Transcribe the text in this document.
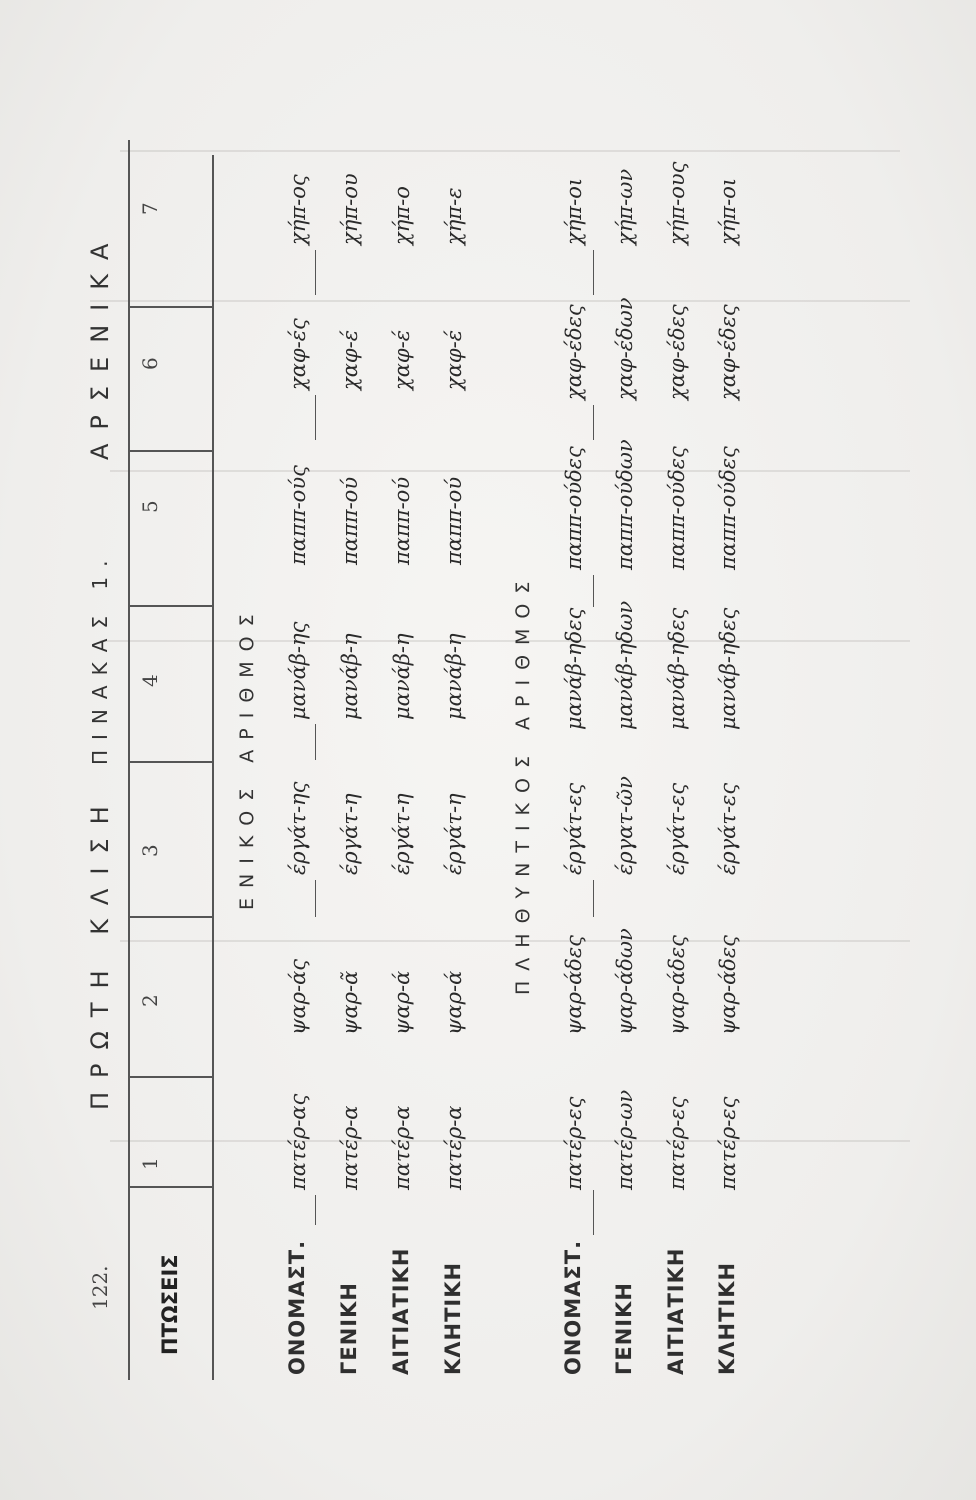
122.
ΠΡΩΤΗ ΚΛΙΣΗ
ΠΙΝΑΚΑΣ 1.
ΑΡΣΕΝΙΚΑ
ΠΤΩΣΕΙΣ
1
2
3
4
5
6
7
ΕΝΙΚΟΣ ΑΡΙΘΜΟΣ
ΟΝΟΜΑΣΤ.
πατέρ-ας
ψαρ-άς
έργάτ-ης
μανάβ-ης
παππ-ούς
χαφ-ές
χήπ-ος
ΓΕΝΙΚΗ
πατέρ-α
ψαρ-ᾶ
έργάτ-η
μανάβ-η
παππ-ού
χαφ-έ
χήπ-ου
ΑΙΤΙΑΤΙΚΗ
πατέρ-α
ψαρ-ά
έργάτ-η
μανάβ-η
παππ-ού
χαφ-έ
χήπ-ο
ΚΛΗΤΙΚΗ
πατέρ-α
ψαρ-ά
έργάτ-η
μανάβ-η
παππ-ού
χαφ-έ
χήπ-ε
ΠΛΗΘΥΝΤΙΚΟΣ ΑΡΙΘΜΟΣ
ΟΝΟΜΑΣΤ.
πατέρ-ες
ψαρ-άδες
έργάτ-ες
μανάβ-ηδες
παππ-ούδες
χαφ-έδες
χήπ-οι
ΓΕΝΙΚΗ
πατέρ-ων
ψαρ-άδων
έργατ-ῶν
μανάβ-ηδων
παππ-ούδων
χαφ-έδων
χήπ-ων
ΑΙΤΙΑΤΙΚΗ
πατέρ-ες
ψαρ-άδες
έργάτ-ες
μανάβ-ηδες
παππ-ούδες
χαφ-έδες
χήπ-ους
ΚΛΗΤΙΚΗ
πατέρ-ες
ψαρ-άδες
έργάτ-ες
μανάβ-ηδες
παππ-ούδες
χαφ-έδες
χήπ-οι
